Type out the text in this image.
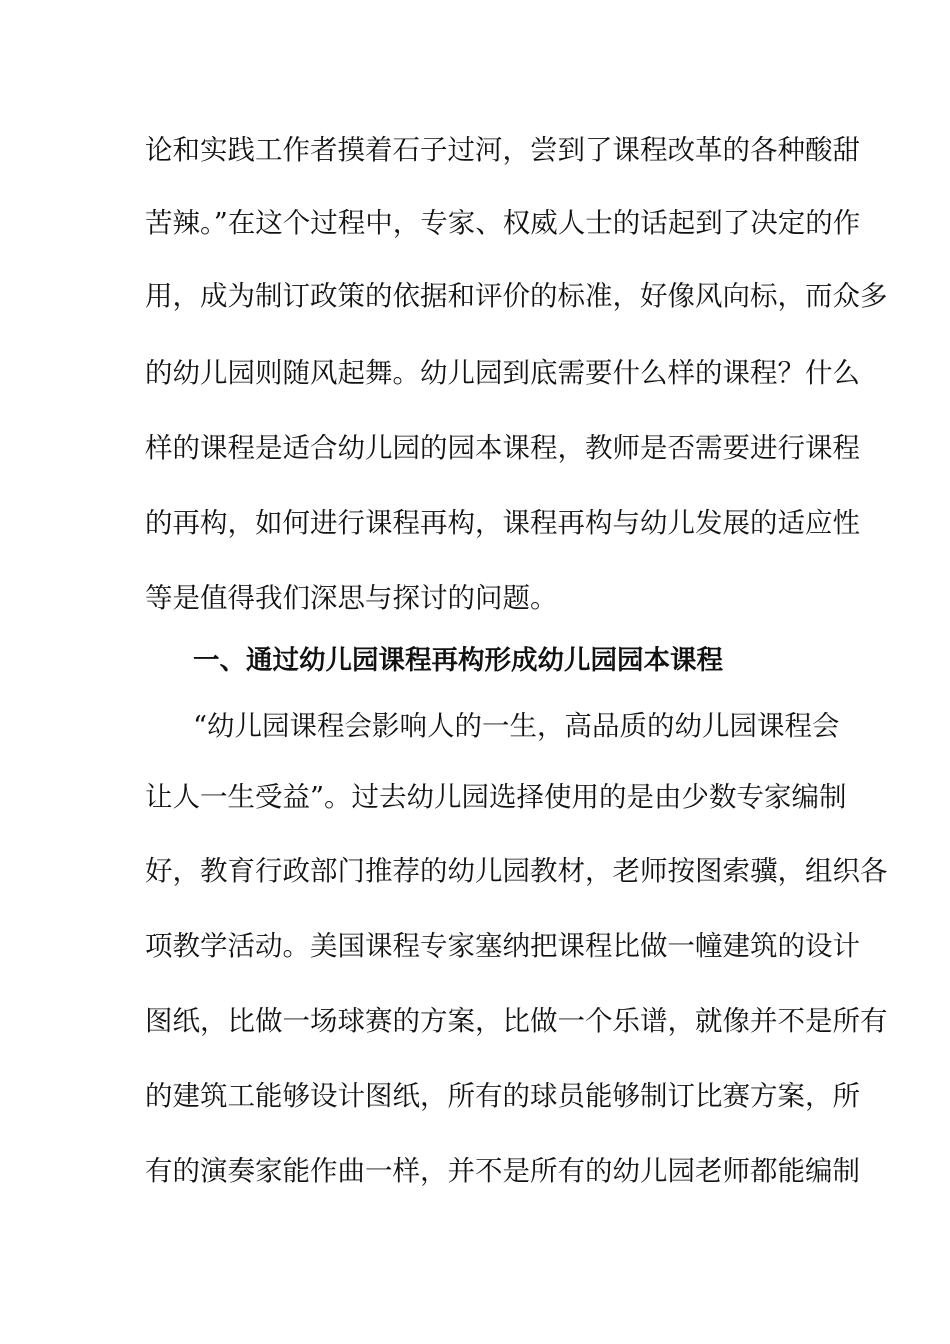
论和实践工作者摸着石子过河，尝到了课程改革的各种酸甜
苦辣。”在这个过程中，专家、权威人士的话起到了决定的作
用，成为制订政策的依据和评价的标准，好像风向标，而众多
的幼儿园则随风起舞。幼儿园到底需要什么样的课程？什么
样的课程是适合幼儿园的园本课程，教师是否需要进行课程
的再构，如何进行课程再构，课程再构与幼儿发展的适应性
等是值得我们深思与探讨的问题。
一、通过幼儿园课程再构形成幼儿园园本课程
“幼儿园课程会影响人的一生，高品质的幼儿园课程会
让人一生受益”。过去幼儿园选择使用的是由少数专家编制
好，教育行政部门推荐的幼儿园教材，老师按图索骥，组织各
项教学活动。美国课程专家塞纳把课程比做一幢建筑的设计
图纸，比做一场球赛的方案，比做一个乐谱，就像并不是所有
的建筑工能够设计图纸，所有的球员能够制订比赛方案，所
有的演奏家能作曲一样，并不是所有的幼儿园老师都能编制
